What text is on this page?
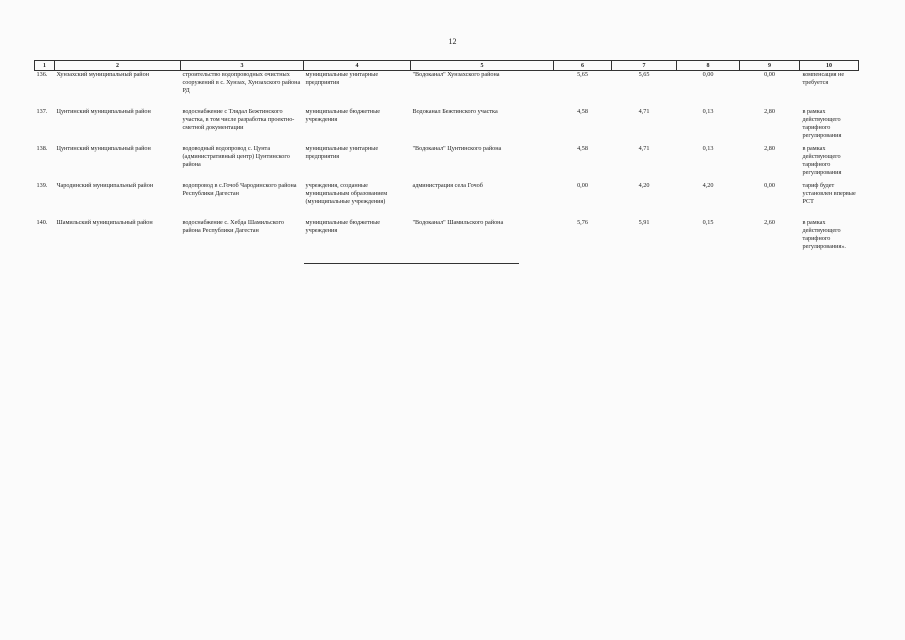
12
1	2	3	4	5	6	7	8	9	10
136.	Хунзахский муниципальный район	строительство водопроводных очистных сооружений в с. Хунзах, Хунзахского района РД	муниципальные унитарные предприятия	"Водоканал" Хунзахского района	5,65	5,65	0,00	0,00	компенсация не требуется
137.	Цунтинский муниципальный район	водоснабжение с Тлядал Бежтинского участка, в том числе разработка проектно-сметной документации	муниципальные бюджетные учреждения	Водоканал Бежтинского участка	4,58	4,71	0,13	2,80	в рамках действующего тарифного регулирования
138.	Цунтинский муниципальный район	водоводный водопровод с. Цунта (административный центр) Цунтинского района	муниципальные унитарные предприятия	"Водоканал" Цунтинского района	4,58	4,71	0,13	2,80	в рамках действующего тарифного регулирования
139.	Чародинский муниципальный район	водопровод в с.Гочоб Чародинского района Республики Дагестан	учреждения, созданные муниципальным образованием (муниципальные учреждения)	администрация села Гочоб	0,00	4,20	4,20	0,00	тариф будет установлен впервые РСТ
140.	Шамильский муниципальный район	водоснабжение с. Хебда Шамильского района Республики Дагестан	муниципальные бюджетные учреждения	"Водоканал" Шамильского района	5,76	5,91	0,15	2,60	в рамках действующего тарифного регулирования».
